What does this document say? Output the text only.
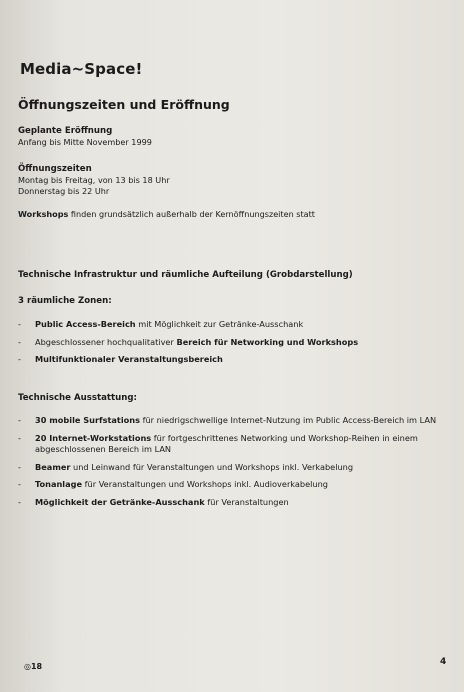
Media~Space!
Öffnungszeiten und Eröffnung
Geplante Eröffnung
Anfang bis Mitte November 1999
Öffnungszeiten
Montag bis Freitag, von 13 bis 18 Uhr
Donnerstag bis 22 Uhr
Workshops finden grundsätzlich außerhalb der Kernöffnungszeiten statt
Technische Infrastruktur und räumliche Aufteilung (Grobdarstellung)
3 räumliche Zonen:
- Public Access-Bereich mit Möglichkeit zur Getränke-Ausschank
- Abgeschlossener hochqualitativer Bereich für Networking und Workshops
- Multifunktionaler Veranstaltungsbereich
Technische Ausstattung:
- 30 mobile Surfstations für niedrigschwellige Internet-Nutzung im Public Access-Bereich im LAN
- 20 Internet-Workstations für fortgeschrittenes Networking und Workshop-Reihen in einem abgeschlossenen Bereich im LAN
- Beamer und Leinwand für Veranstaltungen und Workshops inkl. Verkabelung
- Tonanlage für Veranstaltungen und Workshops inkl. Audioverkabelung
- Möglichkeit der Getränke-Ausschank für Veranstaltungen
◎18	4
